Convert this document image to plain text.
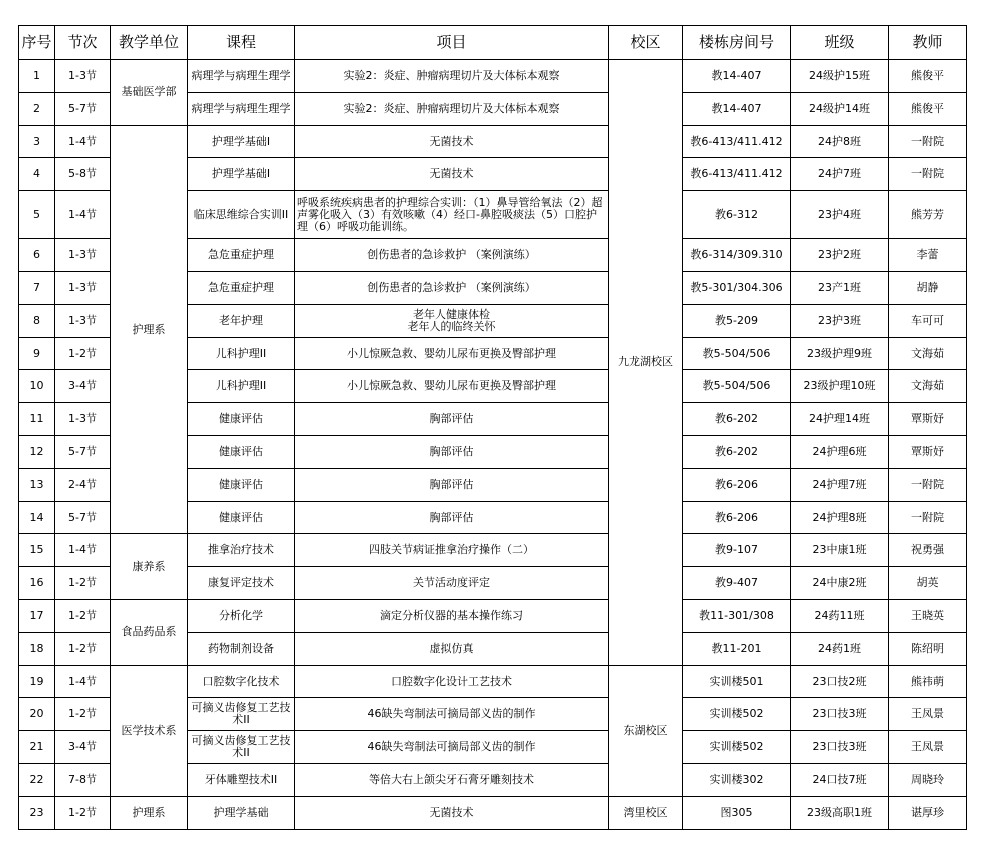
序号	节次	教学单位	课程	项目	校区	楼栋房间号	班级	教师
1	1-3节	基础医学部	病理学与病理生理学	实验2：炎症、肿瘤病理切片及大体标本观察	九龙湖校区	教14-407	24级护15班	熊俊平
2	5-7节		病理学与病理生理学	实验2：炎症、肿瘤病理切片及大体标本观察		教14-407	24级护14班	熊俊平
3	1-4节	护理系	护理学基础I	无菌技术		教6-413/411.412	24护8班	一附院
4	5-8节		护理学基础I	无菌技术		教6-413/411.412	24护7班	一附院
5	1-4节		临床思维综合实训II	呼吸系统疾病患者的护理综合实训：（1）鼻导管给氧法（2）超声雾化吸入（3）有效咳嗽（4）经口-鼻腔吸痰法（5）口腔护理（6）呼吸功能训练。		教6-312	23护4班	熊芳芳
6	1-3节		急危重症护理	创伤患者的急诊救护 （案例演练）		教6-314/309.310	23护2班	李蕾
7	1-3节		急危重症护理	创伤患者的急诊救护 （案例演练）		教5-301/304.306	23产1班	胡静
8	1-3节		老年护理	老年人健康体检
老年人的临终关怀		教5-209	23护3班	车可可
9	1-2节		儿科护理II	小儿惊厥急救、婴幼儿尿布更换及臀部护理		教5-504/506	23级护理9班	文海茹
10	3-4节		儿科护理II	小儿惊厥急救、婴幼儿尿布更换及臀部护理		教5-504/506	23级护理10班	文海茹
11	1-3节		健康评估	胸部评估		教6-202	24护理14班	覃斯妤
12	5-7节		健康评估	胸部评估		教6-202	24护理6班	覃斯妤
13	2-4节		健康评估	胸部评估		教6-206	24护理7班	一附院
14	5-7节		健康评估	胸部评估		教6-206	24护理8班	一附院
15	1-4节	康养系	推拿治疗技术	四肢关节病证推拿治疗操作（二）		教9-107	23中康1班	祝勇强
16	1-2节		康复评定技术	关节活动度评定		教9-407	24中康2班	胡英
17	1-2节	食品药品系	分析化学	滴定分析仪器的基本操作练习		教11-301/308	24药11班	王晓英
18	1-2节		药物制剂设备	虚拟仿真		教11-201	24药1班	陈绍明
19	1-4节	医学技术系	口腔数字化技术	口腔数字化设计工艺技术	东湖校区	实训楼501	23口技2班	熊祎萌
20	1-2节		可摘义齿修复工艺技术II	46缺失弯制法可摘局部义齿的制作		实训楼502	23口技3班	王凤景
21	3-4节		可摘义齿修复工艺技术II	46缺失弯制法可摘局部义齿的制作		实训楼502	23口技3班	王凤景
22	7-8节		牙体雕塑技术II	等倍大右上颌尖牙石膏牙雕刻技术		实训楼302	24口技7班	周晓玲
23	1-2节	护理系	护理学基础	无菌技术	湾里校区	图305	23级高职1班	谌厚珍
